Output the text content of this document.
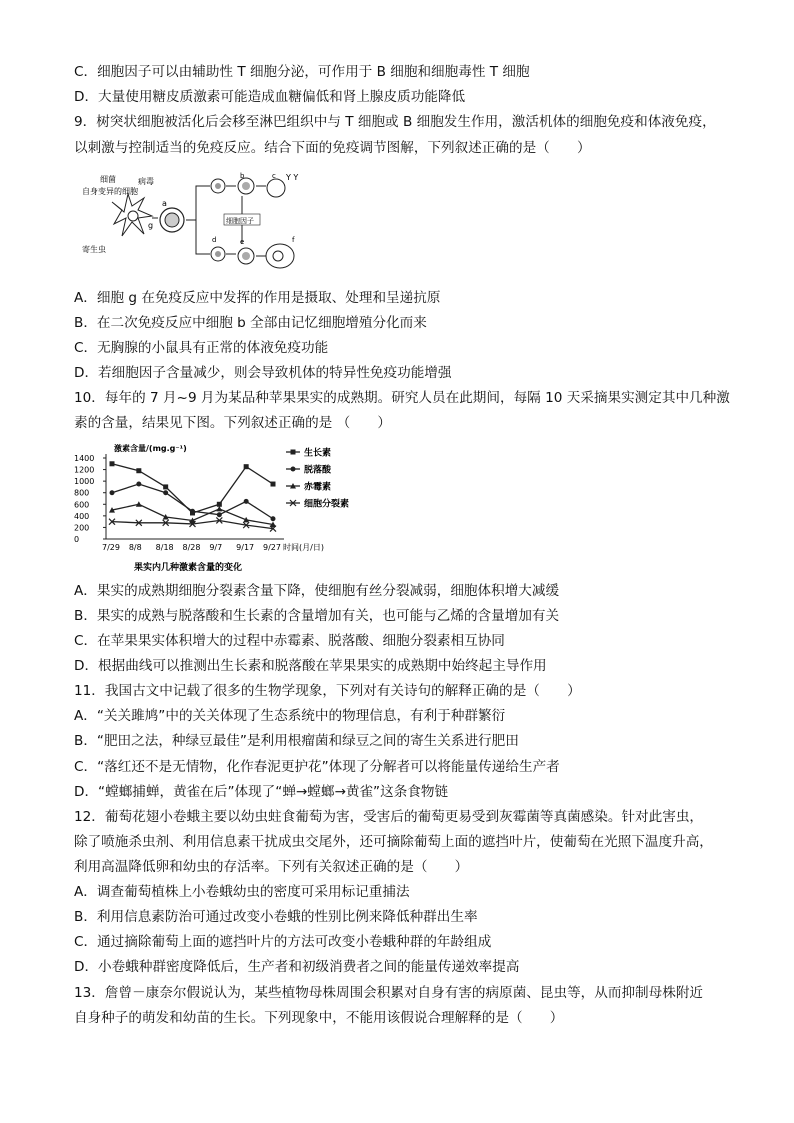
C．细胞因子可以由辅助性 T 细胞分泌，可作用于 B 细胞和细胞毒性 T 细胞
D．大量使用糖皮质激素可能造成血糖偏低和肾上腺皮质功能降低
9．树突状细胞被活化后会移至淋巴组织中与 T 细胞或 B 细胞发生作用，激活机体的细胞免疫和体液免疫，
以刺激与控制适当的免疫反应。结合下面的免疫调节图解，下列叙述正确的是（　　）
A．细胞 g 在免疫反应中发挥的作用是摄取、处理和呈递抗原
B．在二次免疫反应中细胞 b 全部由记忆细胞增殖分化而来
C．无胸腺的小鼠具有正常的体液免疫功能
D．若细胞因子含量减少，则会导致机体的特异性免疫功能增强
10．每年的 7 月~9 月为某品种苹果果实的成熟期。研究人员在此期间，每隔 10 天采摘果实测定其中几种激
素的含量，结果见下图。下列叙述正确的是 （　　）
A．果实的成熟期细胞分裂素含量下降，使细胞有丝分裂减弱，细胞体积增大减缓
B．果实的成熟与脱落酸和生长素的含量增加有关，也可能与乙烯的含量增加有关
C．在苹果果实体积增大的过程中赤霉素、脱落酸、细胞分裂素相互协同
D．根据曲线可以推测出生长素和脱落酸在苹果果实的成熟期中始终起主导作用
11．我国古文中记载了很多的生物学现象，下列对有关诗句的解释正确的是（　　）
A．“关关雎鸠”中的关关体现了生态系统中的物理信息，有利于种群繁衍
B．“肥田之法，种绿豆最佳”是利用根瘤菌和绿豆之间的寄生关系进行肥田
C．“落红还不是无情物，化作春泥更护花”体现了分解者可以将能量传递给生产者
D．“螳螂捕蝉，黄雀在后”体现了“蝉→螳螂→黄雀”这条食物链
12．葡萄花翅小卷蛾主要以幼虫蛀食葡萄为害，受害后的葡萄更易受到灰霉菌等真菌感染。针对此害虫，
除了喷施杀虫剂、利用信息素干扰成虫交尾外，还可摘除葡萄上面的遮挡叶片，使葡萄在光照下温度升高，
利用高温降低卵和幼虫的存活率。下列有关叙述正确的是（　　）
A．调查葡萄植株上小卷蛾幼虫的密度可采用标记重捕法
B．利用信息素防治可通过改变小卷蛾的性别比例来降低种群出生率
C．通过摘除葡萄上面的遮挡叶片的方法可改变小卷蛾种群的年龄组成
D．小卷蛾种群密度降低后，生产者和初级消费者之间的能量传递效率提高
13．詹曾－康奈尔假说认为，某些植物母株周围会积累对自身有害的病原菌、昆虫等，从而抑制母株附近
自身种子的萌发和幼苗的生长。下列现象中，不能用该假说合理解释的是（　　）
自身变异的细胞
细菌	病毒
寄生虫
g
a
b	c Y Y
细胞因子
d	e	f
激素含量/(mg.g⁻¹)
1400
1200
1000
800
600
400
200
0
7/29 8/8 8/18 8/28 9/7 9/17 9/27 时间(月/日)
果实内几种激素含量的变化
生长素
脱落酸
赤霉素
细胞分裂素
